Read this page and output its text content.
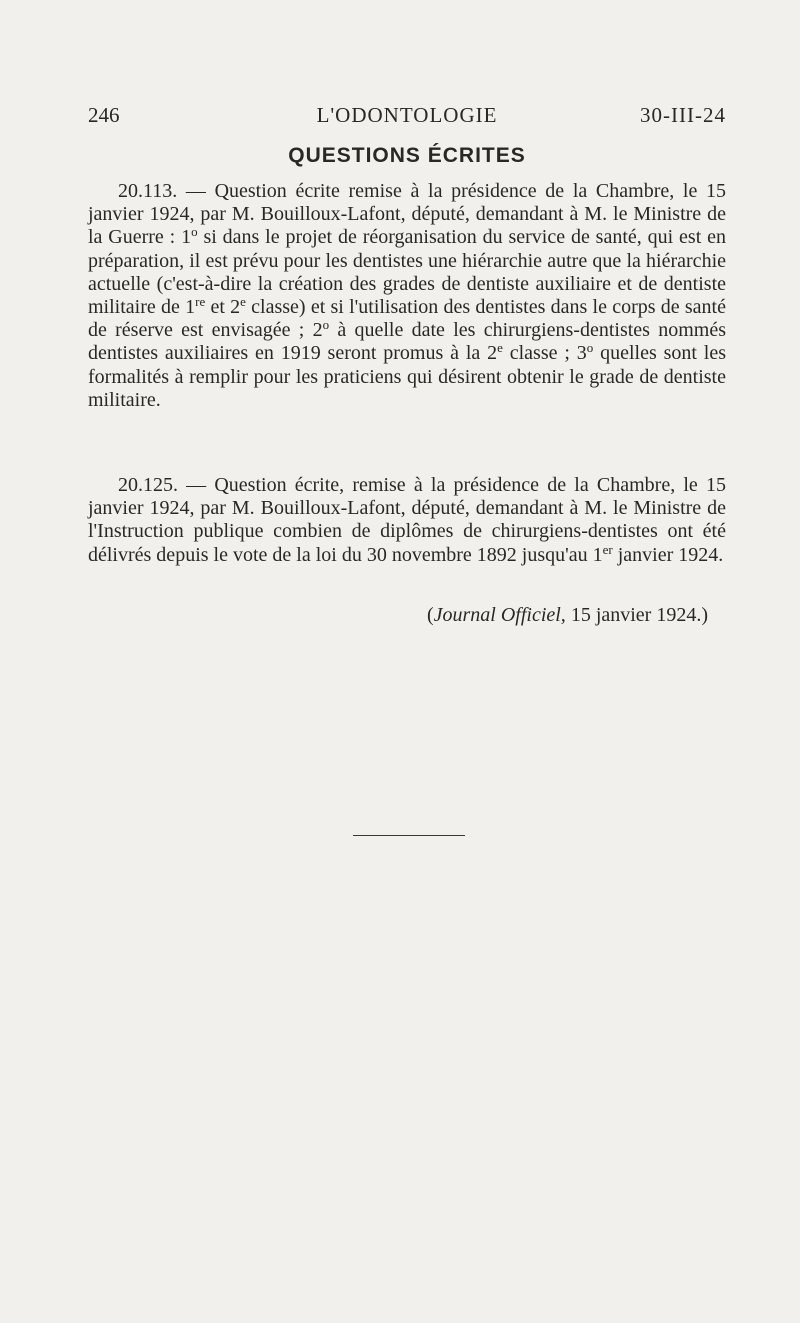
246	L'ODONTOLOGIE	30-III-24
QUESTIONS ÉCRITES

20.113. — Question écrite remise à la présidence de la Chambre, le 15 janvier 1924, par M. Bouilloux-Lafont, député, demandant à M. le Ministre de la Guerre : 1$^o$ si dans le projet de réorganisation du service de santé, qui est en préparation, il est prévu pour les dentistes une hiérarchie autre que la hiérarchie actuelle (c'est-à-dire la création des grades de dentiste auxiliaire et de dentiste militaire de 1re et 2e classe) et si l'utilisation des dentistes dans le corps de santé de réserve est envisagée ; 2$^o$ à quelle date les chirurgiens-dentistes nommés dentistes auxiliaires en 1919 seront promus à la 2e classe ; 3$^o$ quelles sont les formalités à remplir pour les praticiens qui désirent obtenir le grade de dentiste militaire.

20.125. — Question écrite, remise à la présidence de la Chambre, le 15 janvier 1924, par M. Bouilloux-Lafont, député, demandant à M. le Ministre de l'Instruction publique combien de diplômes de chirurgiens-dentistes ont été délivrés depuis le vote de la loi du 30 novembre 1892 jusqu'au 1er janvier 1924.

(Journal Officiel, 15 janvier 1924.)
